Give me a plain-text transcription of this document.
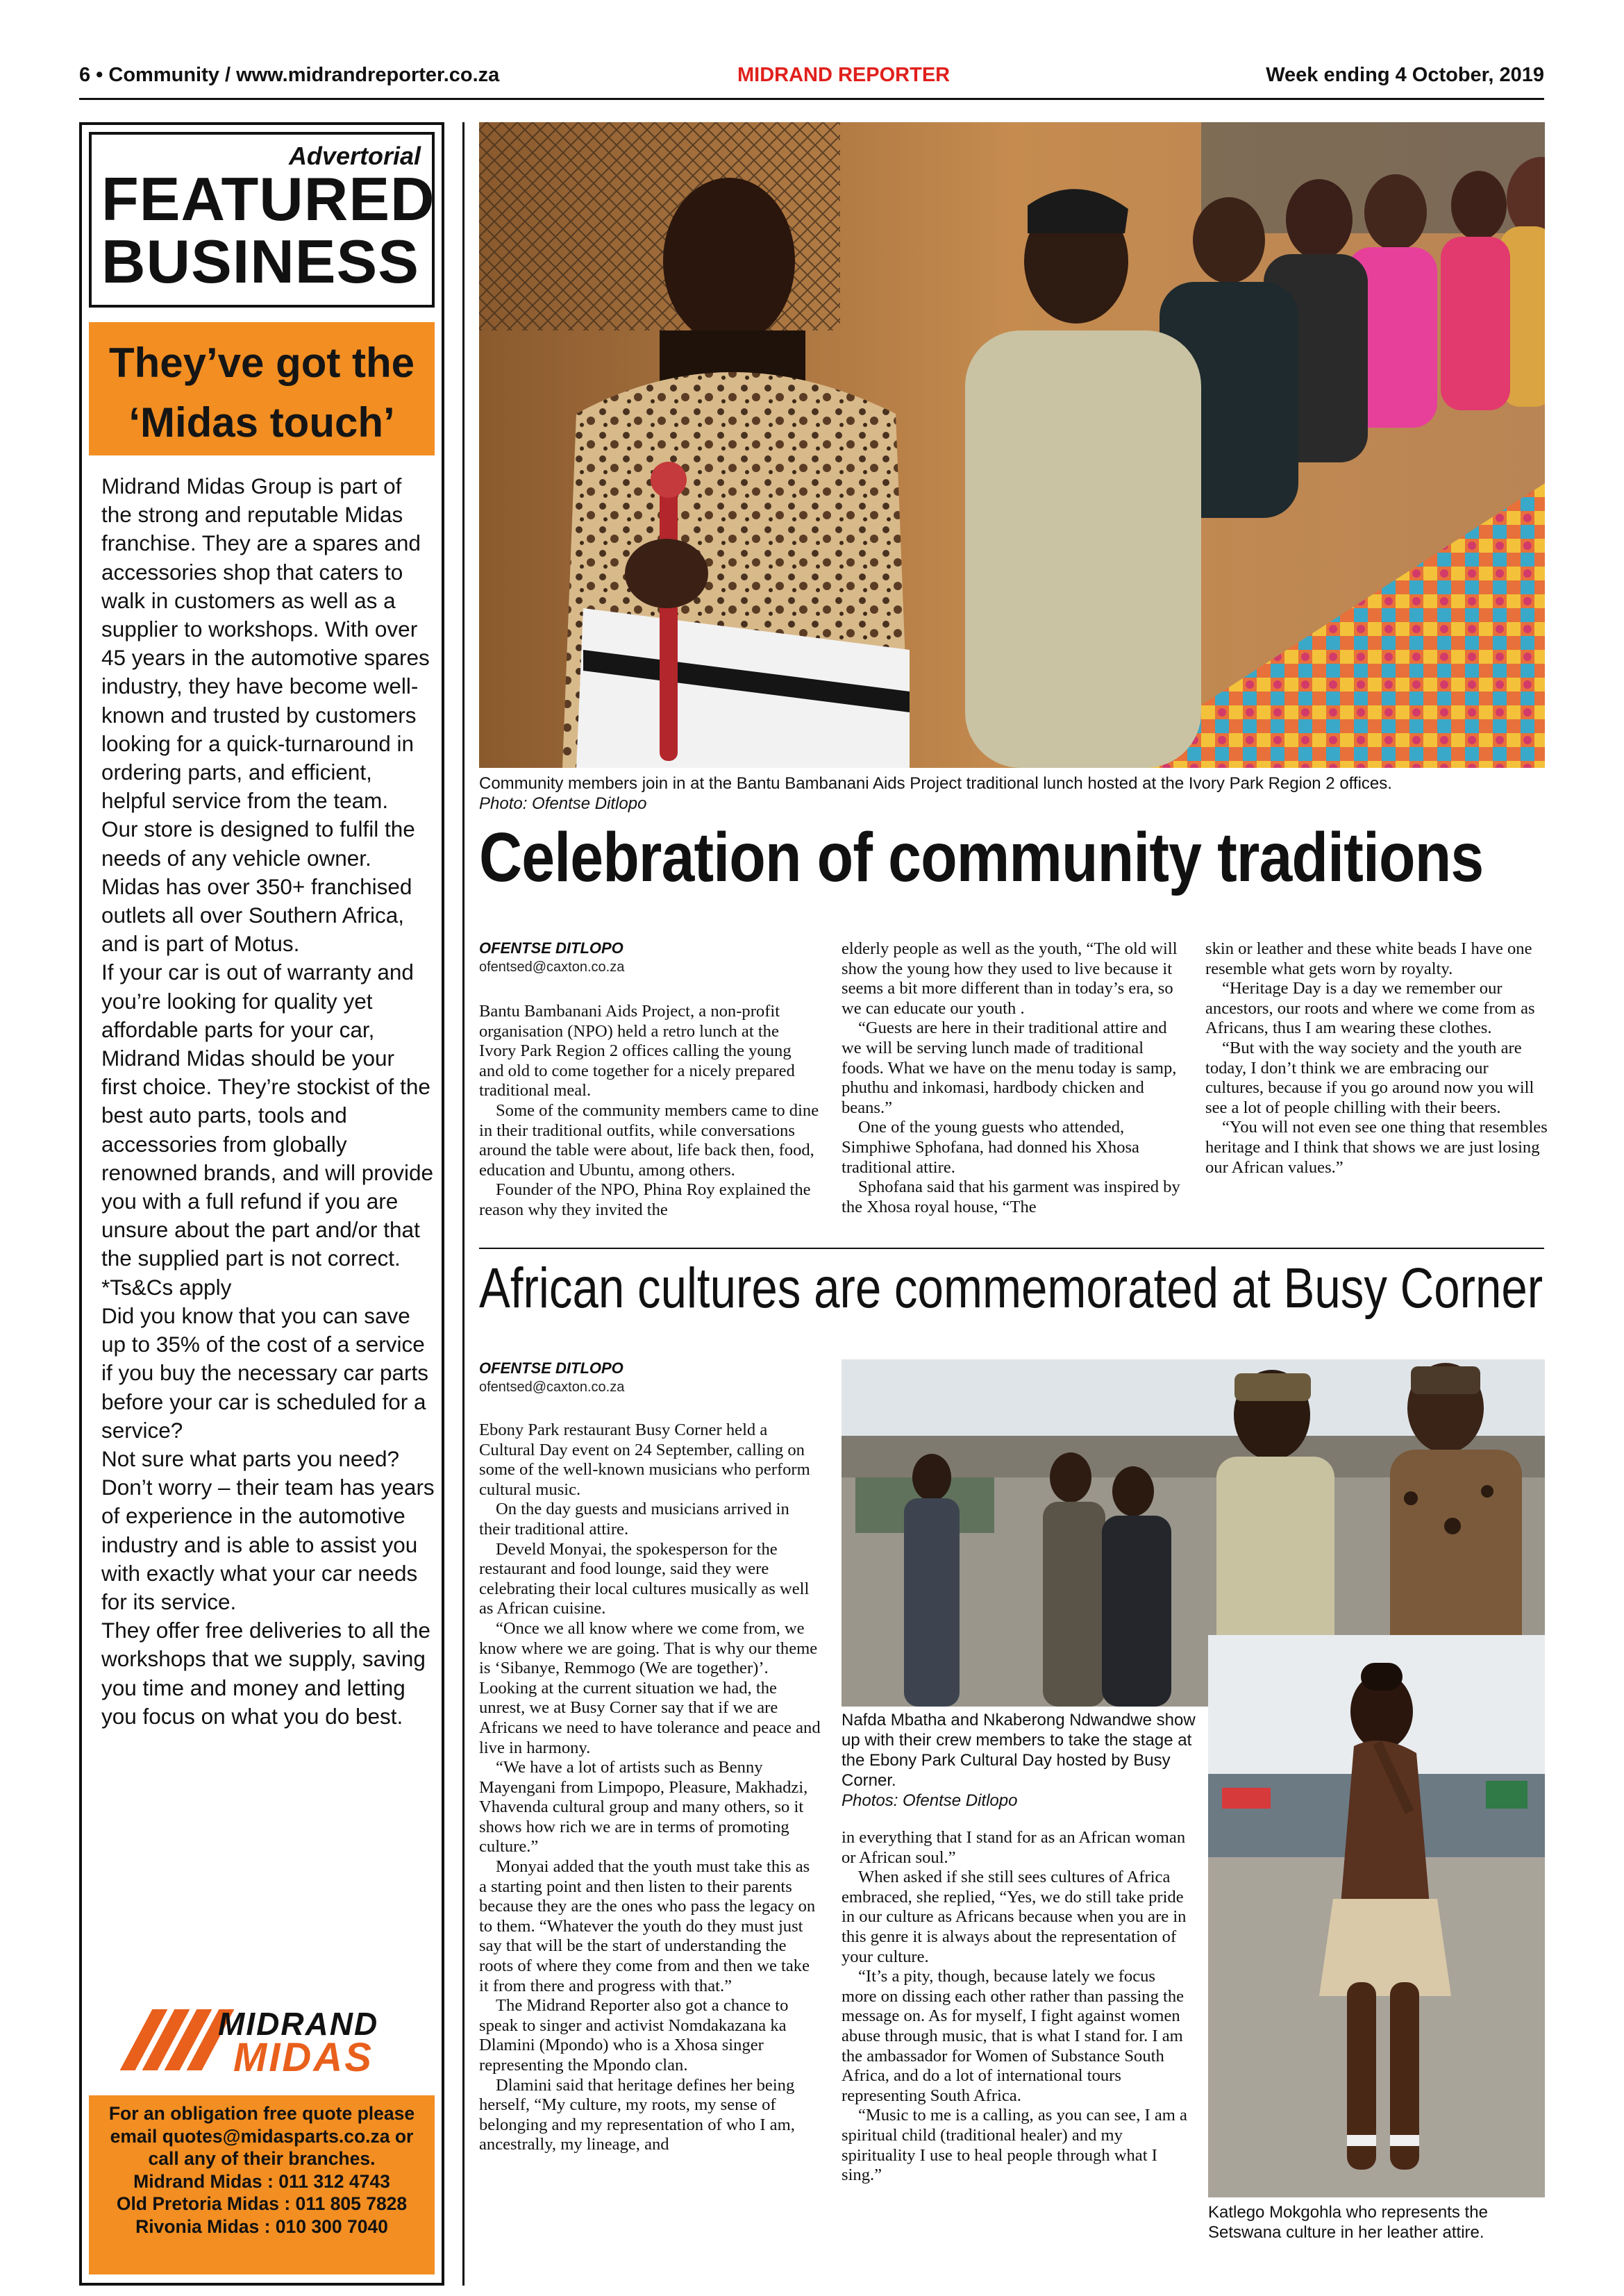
6 • Community / www.midrandreporter.co.za	MIDRAND REPORTER	Week ending 4 October, 2019
Advertorial
FEATURED
BUSINESS
They’ve got the
‘Midas touch’

Midrand Midas Group is part of the strong and reputable Midas franchise. They are a spares and accessories shop that caters to walk in customers as well as a supplier to workshops. With over 45 years in the automotive spares industry, they have become well-known and trusted by customers looking for a quick-turnaround in ordering parts, and efficient, helpful service from the team.

Our store is designed to fulfil the needs of any vehicle owner. Midas has over 350+ franchised outlets all over Southern Africa, and is part of Motus.

If your car is out of warranty and you’re looking for quality yet affordable parts for your car, Midrand Midas should be your first choice. They’re stockist of the best auto parts, tools and accessories from globally renowned brands, and will provide you with a full refund if you are unsure about the part and/or that the supplied part is not correct. *Ts&Cs apply

Did you know that you can save up to 35% of the cost of a service if you buy the necessary car parts before your car is scheduled for a service?

Not sure what parts you need? Don’t worry – their team has years of experience in the automotive industry and is able to assist you with exactly what your car needs for its service.

They offer free deliveries to all the workshops that we supply, saving you time and money and letting you focus on what you do best.

MIDRAND
MIDAS
For an obligation free quote please
email quotes@midasparts.co.za or
call any of their branches.
Midrand Midas : 011 312 4743
Old Pretoria Midas : 011 805 7828
Rivonia Midas : 010 300 7040
Community members join in at the Bantu Bambanani Aids Project traditional lunch hosted at the Ivory Park Region 2 offices.
Photo: Ofentse Ditlopo
Celebration of community traditions
OFENTSE DITLOPO
ofentsed@caxton.co.za

Bantu Bambanani Aids Project, a non-profit organisation (NPO) held a retro lunch at the Ivory Park Region 2 offices calling the young and old to come together for a nicely prepared traditional meal.

Some of the community members came to dine in their traditional outfits, while conversations around the table were about, life back then, food, education and Ubuntu, among others.

Founder of the NPO, Phina Roy explained the reason why they invited the

elderly people as well as the youth, “The old will show the young how they used to live because it seems a bit more different than in today’s era, so we can educate our youth .

“Guests are here in their traditional attire and we will be serving lunch made of traditional foods. What we have on the menu today is samp, phuthu and inkomasi, hardbody chicken and beans.”

One of the young guests who attended, Simphiwe Sphofana, had donned his Xhosa traditional attire.

Sphofana said that his garment was inspired by the Xhosa royal house, “The

skin or leather and these white beads I have one resemble what gets worn by royalty.

“Heritage Day is a day we remember our ancestors, our roots and where we come from as Africans, thus I am wearing these clothes.

“But with the way society and the youth are today, I don’t think we are embracing our cultures, because if you go around now you will see a lot of people chilling with their beers.

“You will not even see one thing that resembles heritage and I think that shows we are just losing our African values.”

African cultures are commemorated at Busy Corner
OFENTSE DITLOPO
ofentsed@caxton.co.za

Ebony Park restaurant Busy Corner held a Cultural Day event on 24 September, calling on some of the well-known musicians who perform cultural music.

On the day guests and musicians arrived in their traditional attire.

Develd Monyai, the spokesperson for the restaurant and food lounge, said they were celebrating their local cultures musically as well as African cuisine.

“Once we all know where we come from, we know where we are going. That is why our theme is ‘Sibanye, Remmogo (We are together)’. Looking at the current situation we had, the unrest, we at Busy Corner say that if we are Africans we need to have tolerance and peace and live in harmony.

“We have a lot of artists such as Benny Mayengani from Limpopo, Pleasure, Makhadzi, Vhavenda cultural group and many others, so it shows how rich we are in terms of promoting culture.”

Monyai added that the youth must take this as a starting point and then listen to their parents because they are the ones who pass the legacy on to them. “Whatever the youth do they must just say that will be the start of understanding the roots of where they come from and then we take it from there and progress with that.”

The Midrand Reporter also got a chance to speak to singer and activist Nomdakazana ka Dlamini (Mpondo) who is a Xhosa singer representing the Mpondo clan.

Dlamini said that heritage defines her being herself, “My culture, my roots, my sense of belonging and my representation of who I am, ancestrally, my lineage, and

Nafda Mbatha and Nkaberong Ndwandwe show up with their crew members to take the stage at the Ebony Park Cultural Day hosted by Busy Corner.
Photos: Ofentse Ditlopo

in everything that I stand for as an African woman or African soul.”

When asked if she still sees cultures of Africa embraced, she replied, “Yes, we do still take pride in our culture as Africans because when you are in this genre it is always about the representation of your culture.

“It’s a pity, though, because lately we focus more on dissing each other rather than passing the message on. As for myself, I fight against women abuse through music, that is what I stand for. I am the ambassador for Women of Substance South Africa, and do a lot of international tours representing South Africa.

“Music to me is a calling, as you can see, I am a spiritual child (traditional healer) and my spirituality I use to heal people through what I sing.”

Katlego Mokgohla who represents the Setswana culture in her leather attire.
